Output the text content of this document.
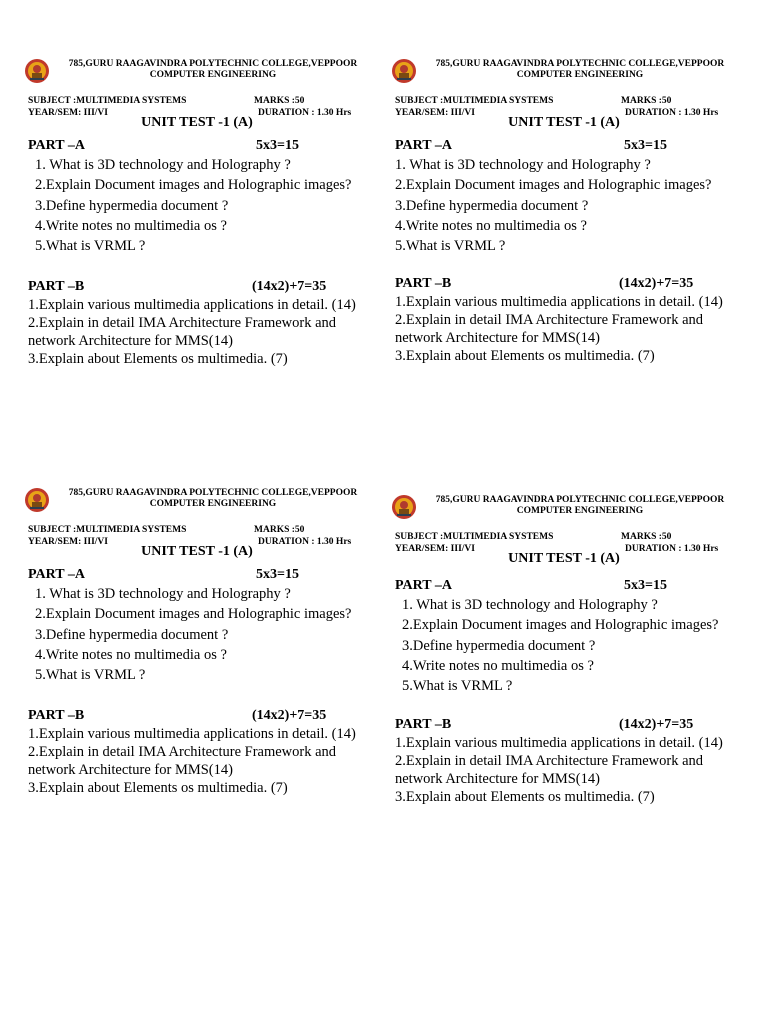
785,GURU RAAGAVINDRA POLYTECHNIC COLLEGE,VEPPOOR
COMPUTER ENGINEERING
SUBJECT :MULTIMEDIA SYSTEMS	MARKS :50
YEAR/SEM: III/VI	DURATION : 1.30 Hrs
UNIT TEST -1 (A)
PART –A	5x3=15
1. What is 3D technology and Holography ?
2.Explain Document images and Holographic images?
3.Define hypermedia document ?
4.Write notes no multimedia os ?
5.What is VRML ?
PART –B	(14x2)+7=35
1.Explain various multimedia applications in detail. (14)
2.Explain in detail IMA Architecture Framework and network Architecture for MMS(14)
3.Explain about Elements os multimedia. (7)
785,GURU RAAGAVINDRA POLYTECHNIC COLLEGE,VEPPOOR
COMPUTER ENGINEERING
SUBJECT :MULTIMEDIA SYSTEMS	MARKS :50
YEAR/SEM: III/VI	DURATION : 1.30 Hrs
UNIT TEST -1 (A)
PART –A	5x3=15
1. What is 3D technology and Holography ?
2.Explain Document images and Holographic images?
3.Define hypermedia document ?
4.Write notes no multimedia os ?
5.What is VRML ?
PART –B	(14x2)+7=35
1.Explain various multimedia applications in detail. (14)
2.Explain in detail IMA Architecture Framework and network Architecture for MMS(14)
3.Explain about Elements os multimedia. (7)
785,GURU RAAGAVINDRA POLYTECHNIC COLLEGE,VEPPOOR
COMPUTER ENGINEERING
SUBJECT :MULTIMEDIA SYSTEMS	MARKS :50
YEAR/SEM: III/VI	DURATION : 1.30 Hrs
UNIT TEST -1 (A)
PART –A	5x3=15
1. What is 3D technology and Holography ?
2.Explain Document images and Holographic images?
3.Define hypermedia document ?
4.Write notes no multimedia os ?
5.What is VRML ?
PART –B	(14x2)+7=35
1.Explain various multimedia applications in detail. (14)
2.Explain in detail IMA Architecture Framework and network Architecture for MMS(14)
3.Explain about Elements os multimedia. (7)
785,GURU RAAGAVINDRA POLYTECHNIC COLLEGE,VEPPOOR
COMPUTER ENGINEERING
SUBJECT :MULTIMEDIA SYSTEMS	MARKS :50
YEAR/SEM: III/VI	DURATION : 1.30 Hrs
UNIT TEST -1 (A)
PART –A	5x3=15
1. What is 3D technology and Holography ?
2.Explain Document images and Holographic images?
3.Define hypermedia document ?
4.Write notes no multimedia os ?
5.What is VRML ?
PART –B	(14x2)+7=35
1.Explain various multimedia applications in detail. (14)
2.Explain in detail IMA Architecture Framework and network Architecture for MMS(14)
3.Explain about Elements os multimedia. (7)
